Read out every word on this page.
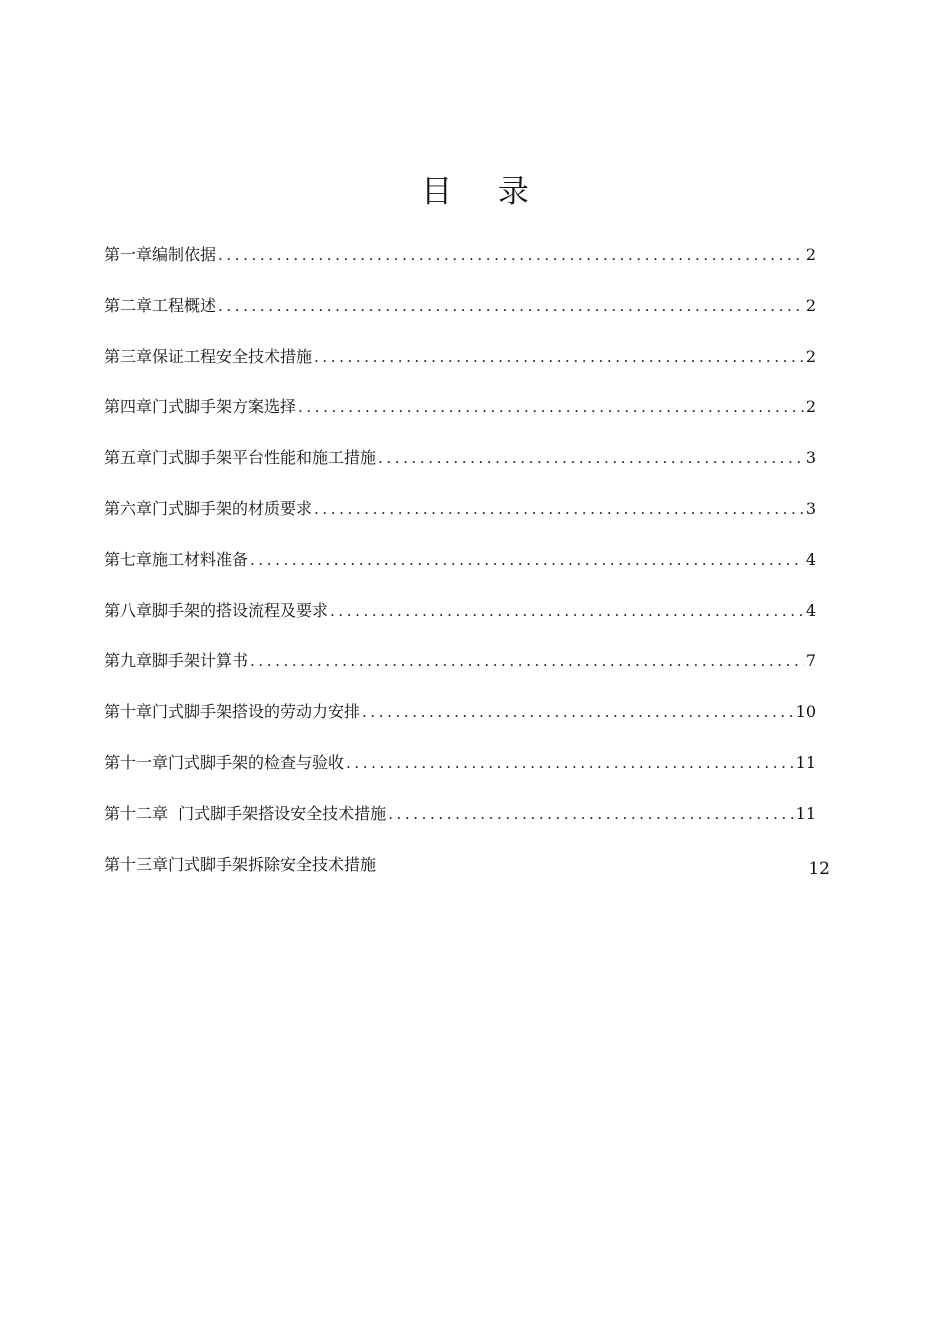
目 录
第一章编制依据 .....	2
第二章工程概述 .....	2
第三章保证工程安全技术措施 .....	2
第四章门式脚手架方案选择 .....	2
第五章门式脚手架平台性能和施工措施 .....	3
第六章门式脚手架的材质要求 .....	3
第七章施工材料准备 .....	4
第八章脚手架的搭设流程及要求 .....	4
第九章脚手架计算书 .....	7
第十章门式脚手架搭设的劳动力安排 .....	10
第十一章门式脚手架的检查与验收 .....	11
第十二章  门式脚手架搭设安全技术措施 .....	11
第十三章门式脚手架拆除安全技术措施	12
